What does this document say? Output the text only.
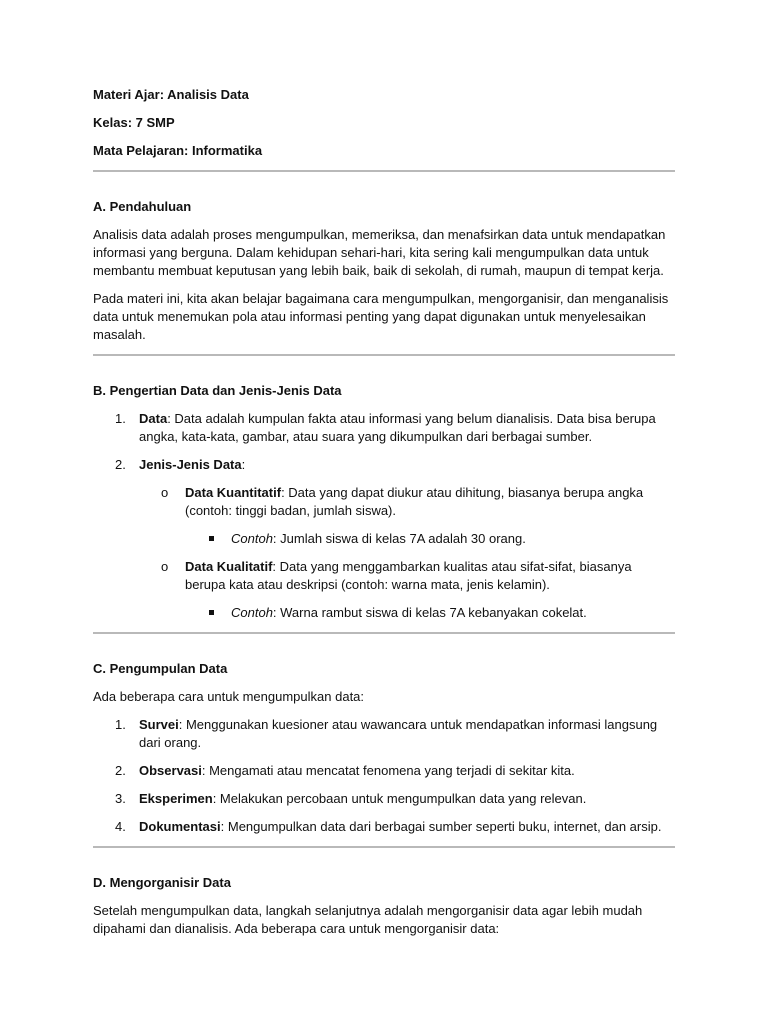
Materi Ajar: Analisis Data

Kelas: 7 SMP

Mata Pelajaran: Informatika

A. Pendahuluan

Analisis data adalah proses mengumpulkan, memeriksa, dan menafsirkan data untuk mendapatkan informasi yang berguna. Dalam kehidupan sehari-hari, kita sering kali mengumpulkan data untuk membantu membuat keputusan yang lebih baik, baik di sekolah, di rumah, maupun di tempat kerja.

Pada materi ini, kita akan belajar bagaimana cara mengumpulkan, mengorganisir, dan menganalisis data untuk menemukan pola atau informasi penting yang dapat digunakan untuk menyelesaikan masalah.

B. Pengertian Data dan Jenis-Jenis Data

1. Data: Data adalah kumpulan fakta atau informasi yang belum dianalisis. Data bisa berupa angka, kata-kata, gambar, atau suara yang dikumpulkan dari berbagai sumber.
2. Jenis-Jenis Data:
o Data Kuantitatif: Data yang dapat diukur atau dihitung, biasanya berupa angka (contoh: tinggi badan, jumlah siswa).
Contoh: Jumlah siswa di kelas 7A adalah 30 orang.
o Data Kualitatif: Data yang menggambarkan kualitas atau sifat-sifat, biasanya berupa kata atau deskripsi (contoh: warna mata, jenis kelamin).
Contoh: Warna rambut siswa di kelas 7A kebanyakan cokelat.

C. Pengumpulan Data

Ada beberapa cara untuk mengumpulkan data:

1. Survei: Menggunakan kuesioner atau wawancara untuk mendapatkan informasi langsung dari orang.
2. Observasi: Mengamati atau mencatat fenomena yang terjadi di sekitar kita.
3. Eksperimen: Melakukan percobaan untuk mengumpulkan data yang relevan.
4. Dokumentasi: Mengumpulkan data dari berbagai sumber seperti buku, internet, dan arsip.

D. Mengorganisir Data

Setelah mengumpulkan data, langkah selanjutnya adalah mengorganisir data agar lebih mudah dipahami dan dianalisis. Ada beberapa cara untuk mengorganisir data:
